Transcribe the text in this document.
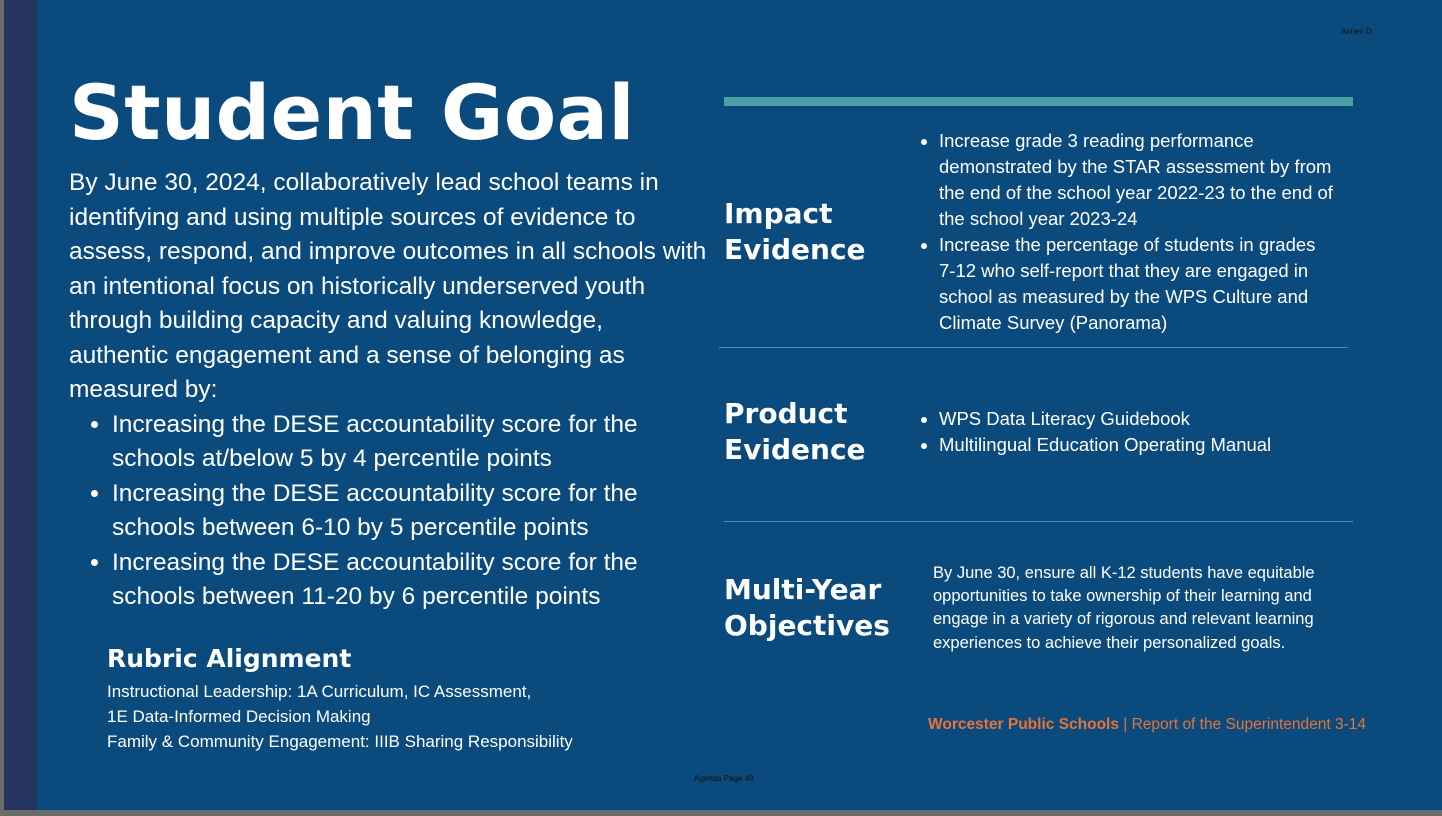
Annex D
Student Goal

By June 30, 2024, collaboratively lead school teams in identifying and using multiple sources of evidence to assess, respond, and improve outcomes in all schools with an intentional focus on historically underserved youth through building capacity and valuing knowledge, authentic engagement and a sense of belonging as measured by:

• Increasing the DESE accountability score for the schools at/below 5 by 4 percentile points
• Increasing the DESE accountability score for the schools between 6-10 by 5 percentile points
• Increasing the DESE accountability score for the schools between 11-20 by 6 percentile points
Rubric Alignment
Instructional Leadership: 1A Curriculum, IC Assessment,
1E Data-Informed Decision Making
Family & Community Engagement: IIIB Sharing Responsibility
Impact
Evidence
• Increase grade 3 reading performance demonstrated by the STAR assessment by from the end of the school year 2022-23 to the end of the school year 2023-24
• Increase the percentage of students in grades 7-12 who self-report that they are engaged in school as measured by the WPS Culture and Climate Survey (Panorama)
Product
Evidence
• WPS Data Literacy Guidebook
• Multilingual Education Operating Manual
Multi-Year
Objectives
By June 30, ensure all K-12 students have equitable opportunities to take ownership of their learning and engage in a variety of rigorous and relevant learning experiences to achieve their personalized goals.
Worcester Public Schools | Report of the Superintendent 3-14
Agenda Page 48
